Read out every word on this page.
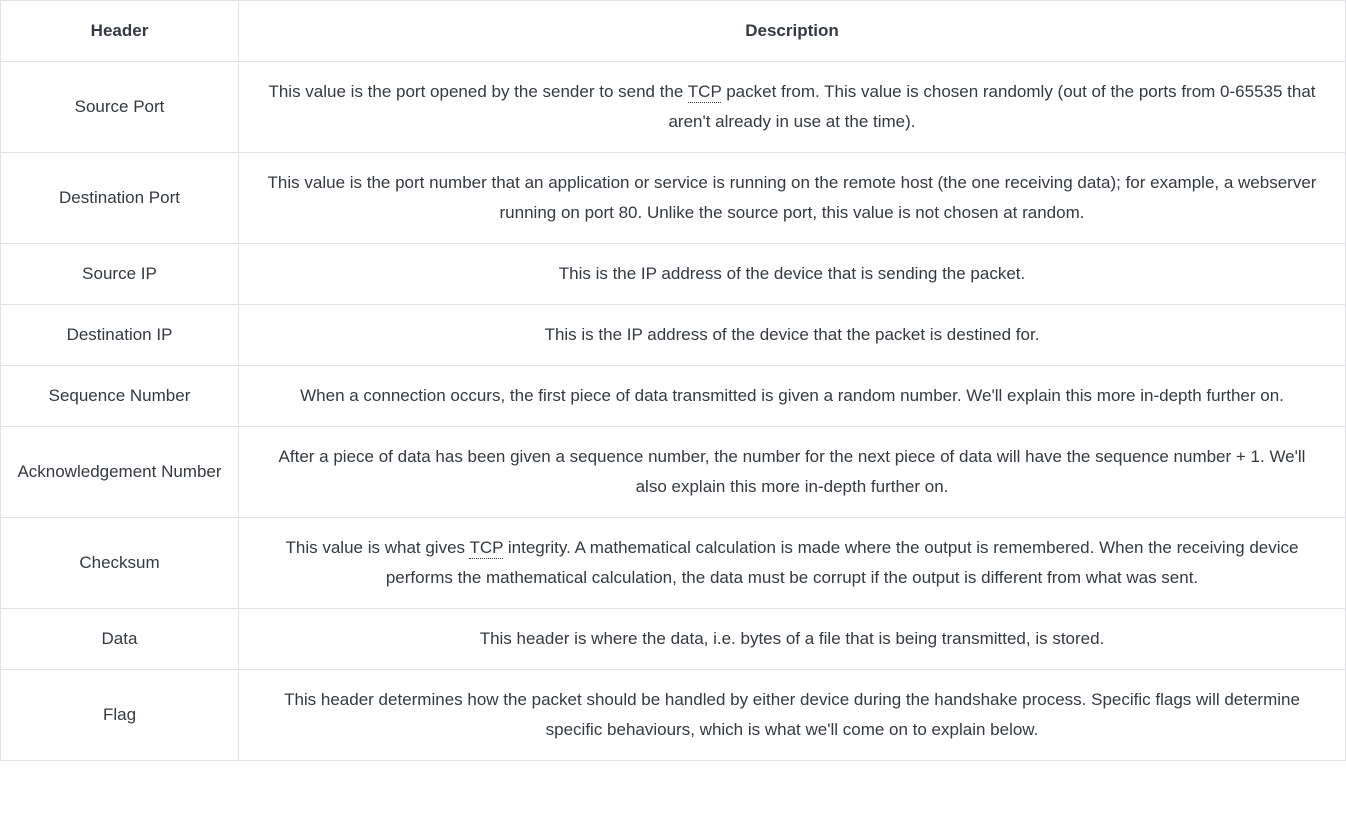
Header	Description
Source Port	This value is the port opened by the sender to send the TCP packet from. This value is chosen randomly (out of the ports from 0-65535 that aren't already in use at the time).
Destination Port	This value is the port number that an application or service is running on the remote host (the one receiving data); for example, a webserver running on port 80. Unlike the source port, this value is not chosen at random.
Source IP	This is the IP address of the device that is sending the packet.
Destination IP	This is the IP address of the device that the packet is destined for.
Sequence Number	When a connection occurs, the first piece of data transmitted is given a random number. We'll explain this more in-depth further on.
Acknowledgement Number	After a piece of data has been given a sequence number, the number for the next piece of data will have the sequence number + 1. We'll also explain this more in-depth further on.
Checksum	This value is what gives TCP integrity. A mathematical calculation is made where the output is remembered. When the receiving device performs the mathematical calculation, the data must be corrupt if the output is different from what was sent.
Data	This header is where the data, i.e. bytes of a file that is being transmitted, is stored.
Flag	This header determines how the packet should be handled by either device during the handshake process. Specific flags will determine specific behaviours, which is what we'll come on to explain below.
